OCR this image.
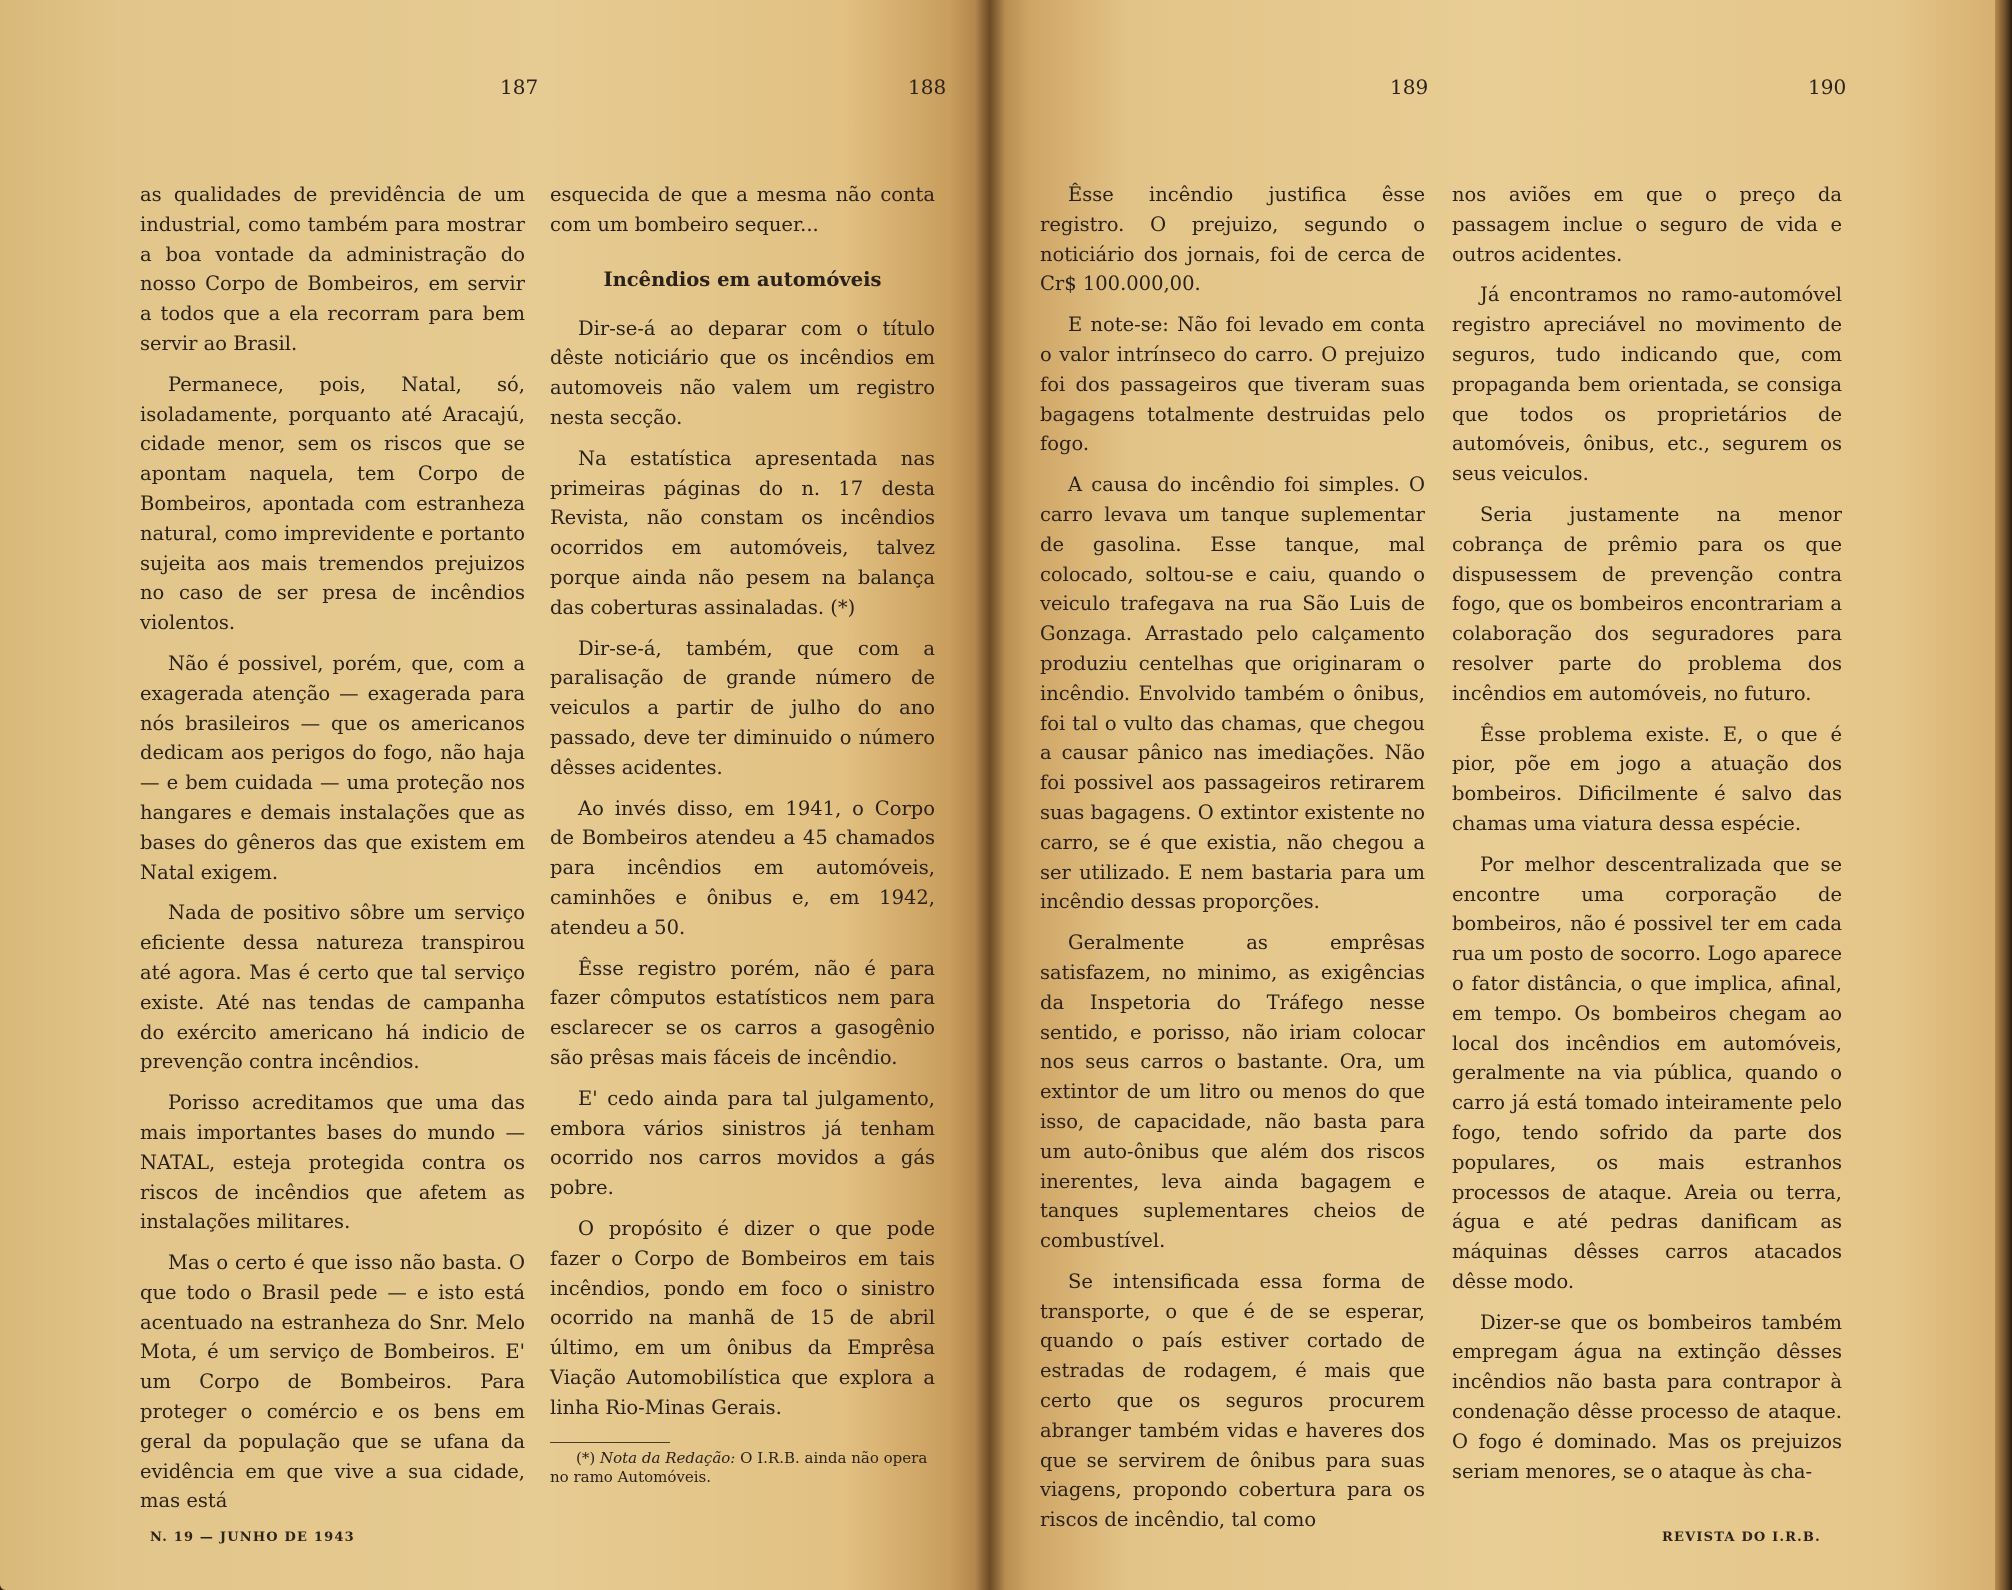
187	188	189	190

as qualidades de previdência de um industrial, como também para mostrar a boa vontade da administração do nosso Corpo de Bombeiros, em servir a todos que a ela recorram para bem servir ao Brasil.

Permanece, pois, Natal, só, isoladamente, porquanto até Aracajú, cidade menor, sem os riscos que se apontam naquela, tem Corpo de Bombeiros, apontada com estranheza natural, como imprevidente e portanto sujeita aos mais tremendos prejuizos no caso de ser presa de incêndios violentos.

Não é possivel, porém, que, com a exagerada atenção — exagerada para nós brasileiros — que os americanos dedicam aos perigos do fogo, não haja — e bem cuidada — uma proteção nos hangares e demais instalações que as bases do gêneros das que existem em Natal exigem.

Nada de positivo sôbre um serviço eficiente dessa natureza transpirou até agora. Mas é certo que tal serviço existe. Até nas tendas de campanha do exército americano há indicio de prevenção contra incêndios.

Porisso acreditamos que uma das mais importantes bases do mundo — NATAL, esteja protegida contra os riscos de incêndios que afetem as instalações militares.

Mas o certo é que isso não basta. O que todo o Brasil pede — e isto está acentuado na estranheza do Snr. Melo Mota, é um serviço de Bombeiros. E' um Corpo de Bombeiros. Para proteger o comércio e os bens em geral da população que se ufana da evidência em que vive a sua cidade, mas está

esquecida de que a mesma não conta com um bombeiro sequer...

Incêndios em automóveis

Dir-se-á ao deparar com o título dêste noticiário que os incêndios em automoveis não valem um registro nesta secção.

Na estatística apresentada nas primeiras páginas do n. 17 desta Revista, não constam os incêndios ocorridos em automóveis, talvez porque ainda não pesem na balança das coberturas assinaladas. (*)

Dir-se-á, também, que com a paralisação de grande número de veiculos a partir de julho do ano passado, deve ter diminuido o número dêsses acidentes.

Ao invés disso, em 1941, o Corpo de Bombeiros atendeu a 45 chamados para incêndios em automóveis, caminhões e ônibus e, em 1942, atendeu a 50.

Êsse registro porém, não é para fazer cômputos estatísticos nem para esclarecer se os carros a gasogênio são prêsas mais fáceis de incêndio.

E' cedo ainda para tal julgamento, embora vários sinistros já tenham ocorrido nos carros movidos a gás pobre.

O propósito é dizer o que pode fazer o Corpo de Bombeiros em tais incêndios, pondo em foco o sinistro ocorrido na manhã de 15 de abril último, em um ônibus da Emprêsa Viação Automobilística que explora a linha Rio-Minas Gerais.

(*) Nota da Redação: O I.R.B. ainda não opera no ramo Automóveis.

Êsse incêndio justifica êsse registro. O prejuizo, segundo o noticiário dos jornais, foi de cerca de Cr$ 100.000,00.

E note-se: Não foi levado em conta o valor intrínseco do carro. O prejuizo foi dos passageiros que tiveram suas bagagens totalmente destruidas pelo fogo.

A causa do incêndio foi simples. O carro levava um tanque suplementar de gasolina. Esse tanque, mal colocado, soltou-se e caiu, quando o veiculo trafegava na rua São Luis de Gonzaga. Arrastado pelo calçamento produziu centelhas que originaram o incêndio. Envolvido também o ônibus, foi tal o vulto das chamas, que chegou a causar pânico nas imediações. Não foi possivel aos passageiros retirarem suas bagagens. O extintor existente no carro, se é que existia, não chegou a ser utilizado. E nem bastaria para um incêndio dessas proporções.

Geralmente as emprêsas satisfazem, no minimo, as exigências da Inspetoria do Tráfego nesse sentido, e porisso, não iriam colocar nos seus carros o bastante. Ora, um extintor de um litro ou menos do que isso, de capacidade, não basta para um auto-ônibus que além dos riscos inerentes, leva ainda bagagem e tanques suplementares cheios de combustível.

Se intensificada essa forma de transporte, o que é de se esperar, quando o país estiver cortado de estradas de rodagem, é mais que certo que os seguros procurem abranger também vidas e haveres dos que se servirem de ônibus para suas viagens, propondo cobertura para os riscos de incêndio, tal como

nos aviões em que o preço da passagem inclue o seguro de vida e outros acidentes.

Já encontramos no ramo-automóvel registro apreciável no movimento de seguros, tudo indicando que, com propaganda bem orientada, se consiga que todos os proprietários de automóveis, ônibus, etc., segurem os seus veiculos.

Seria justamente na menor cobrança de prêmio para os que dispusessem de prevenção contra fogo, que os bombeiros encontrariam a colaboração dos seguradores para resolver parte do problema dos incêndios em automóveis, no futuro.

Êsse problema existe. E, o que é pior, põe em jogo a atuação dos bombeiros. Dificilmente é salvo das chamas uma viatura dessa espécie.

Por melhor descentralizada que se encontre uma corporação de bombeiros, não é possivel ter em cada rua um posto de socorro. Logo aparece o fator distância, o que implica, afinal, em tempo. Os bombeiros chegam ao local dos incêndios em automóveis, geralmente na via pública, quando o carro já está tomado inteiramente pelo fogo, tendo sofrido da parte dos populares, os mais estranhos processos de ataque. Areia ou terra, água e até pedras danificam as máquinas dêsses carros atacados dêsse modo.

Dizer-se que os bombeiros também empregam água na extinção dêsses incêndios não basta para contrapor à condenação dêsse processo de ataque. O fogo é dominado. Mas os prejuizos seriam menores, se o ataque às cha-

N. 19 — JUNHO DE 1943	REVISTA DO I.R.B.
